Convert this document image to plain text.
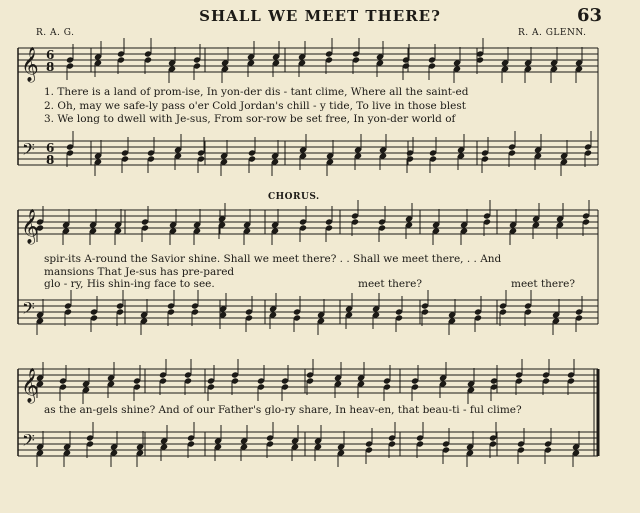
SHALL WE MEET THERE?	63
R. A. G.	R. A. GLENN.
1. There is a land of prom-ise, In yon-der dis - tant clime, Where all the saint-ed
2. Oh, may we safe-ly pass o'er Cold Jordan's chill - y tide, To live in those blest
3. We long to dwell with Je-sus, From sor-row be set free, In yon-der world of
CHORUS.
spir-its A-round the Savior shine. Shall we meet there? . . Shall we meet there, . . And
mansions That Je-sus has pre-pared
glo - ry, His shin-ing face to see.	meet there?	meet there?
as the an-gels shine? And of our Father's glo-ry share, In heav-en, that beau-ti - ful clime?
𝄞
𝄞
𝄞
𝄢
𝄢
𝄢
6
8
6
8
